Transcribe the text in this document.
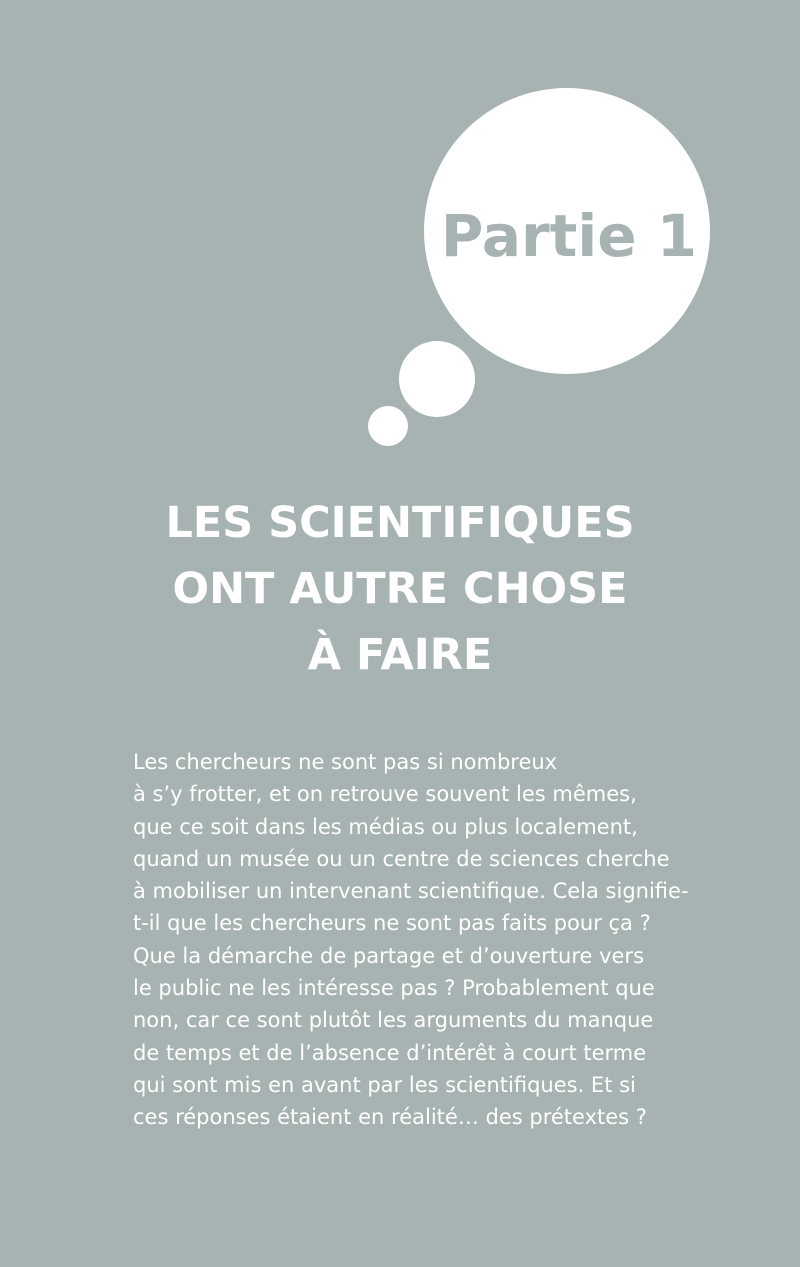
Partie 1
LES SCIENTIFIQUES
ONT AUTRE CHOSE
À FAIRE
Les chercheurs ne sont pas si nombreux
à s’y frotter, et on retrouve souvent les mêmes,
que ce soit dans les médias ou plus localement,
quand un musée ou un centre de sciences cherche
à mobiliser un intervenant scientifique. Cela signifie-
t-il que les chercheurs ne sont pas faits pour ça ?
Que la démarche de partage et d’ouverture vers
le public ne les intéresse pas ? Probablement que
non, car ce sont plutôt les arguments du manque
de temps et de l’absence d’intérêt à court terme
qui sont mis en avant par les scientifiques. Et si
ces réponses étaient en réalité… des prétextes ?
